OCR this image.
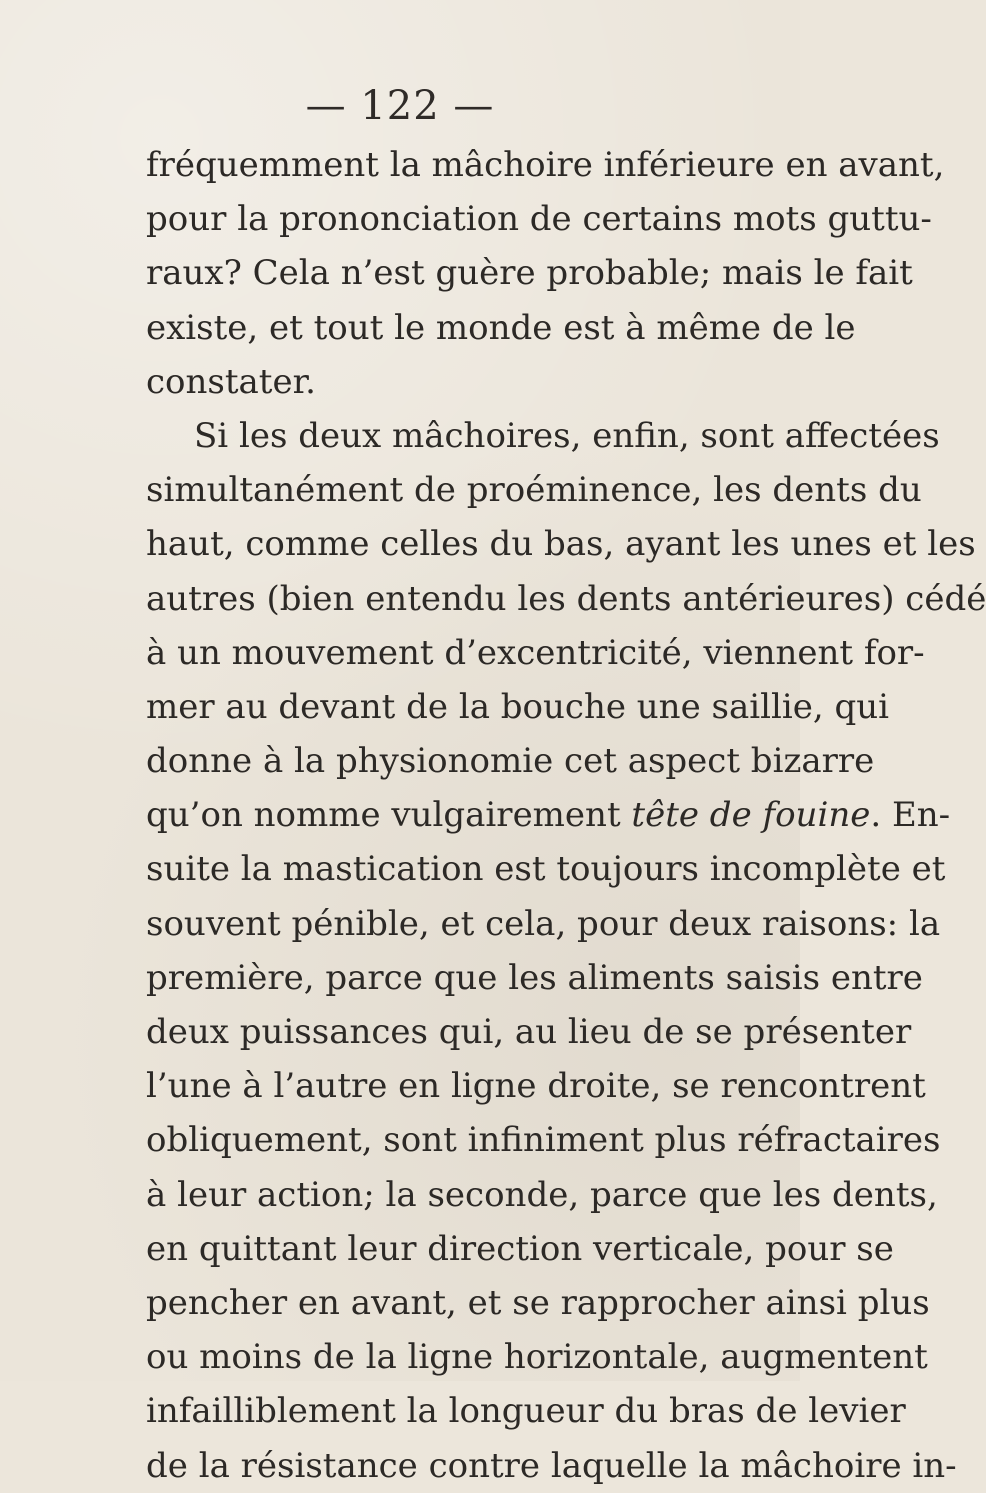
— 122 —
fréquemment la mâchoire inférieure en avant,
pour la prononciation de certains mots guttu-
raux? Cela n’est guère probable; mais le fait
existe, et tout le monde est à même de le
constater.
Si les deux mâchoires, enfin, sont affectées
simultanément de proéminence, les dents du
haut, comme celles du bas, ayant les unes et les
autres (bien entendu les dents antérieures) cédé
à un mouvement d’excentricité, viennent for-
mer au devant de la bouche une saillie, qui
donne à la physionomie cet aspect bizarre
qu’on nomme vulgairement tête de fouine. En-
suite la mastication est toujours incomplète et
souvent pénible, et cela, pour deux raisons: la
première, parce que les aliments saisis entre
deux puissances qui, au lieu de se présenter
l’une à l’autre en ligne droite, se rencontrent
obliquement, sont infiniment plus réfractaires
à leur action; la seconde, parce que les dents,
en quittant leur direction verticale, pour se
pencher en avant, et se rapprocher ainsi plus
ou moins de la ligne horizontale, augmentent
infailliblement la longueur du bras de levier
de la résistance contre laquelle la mâchoire in-
